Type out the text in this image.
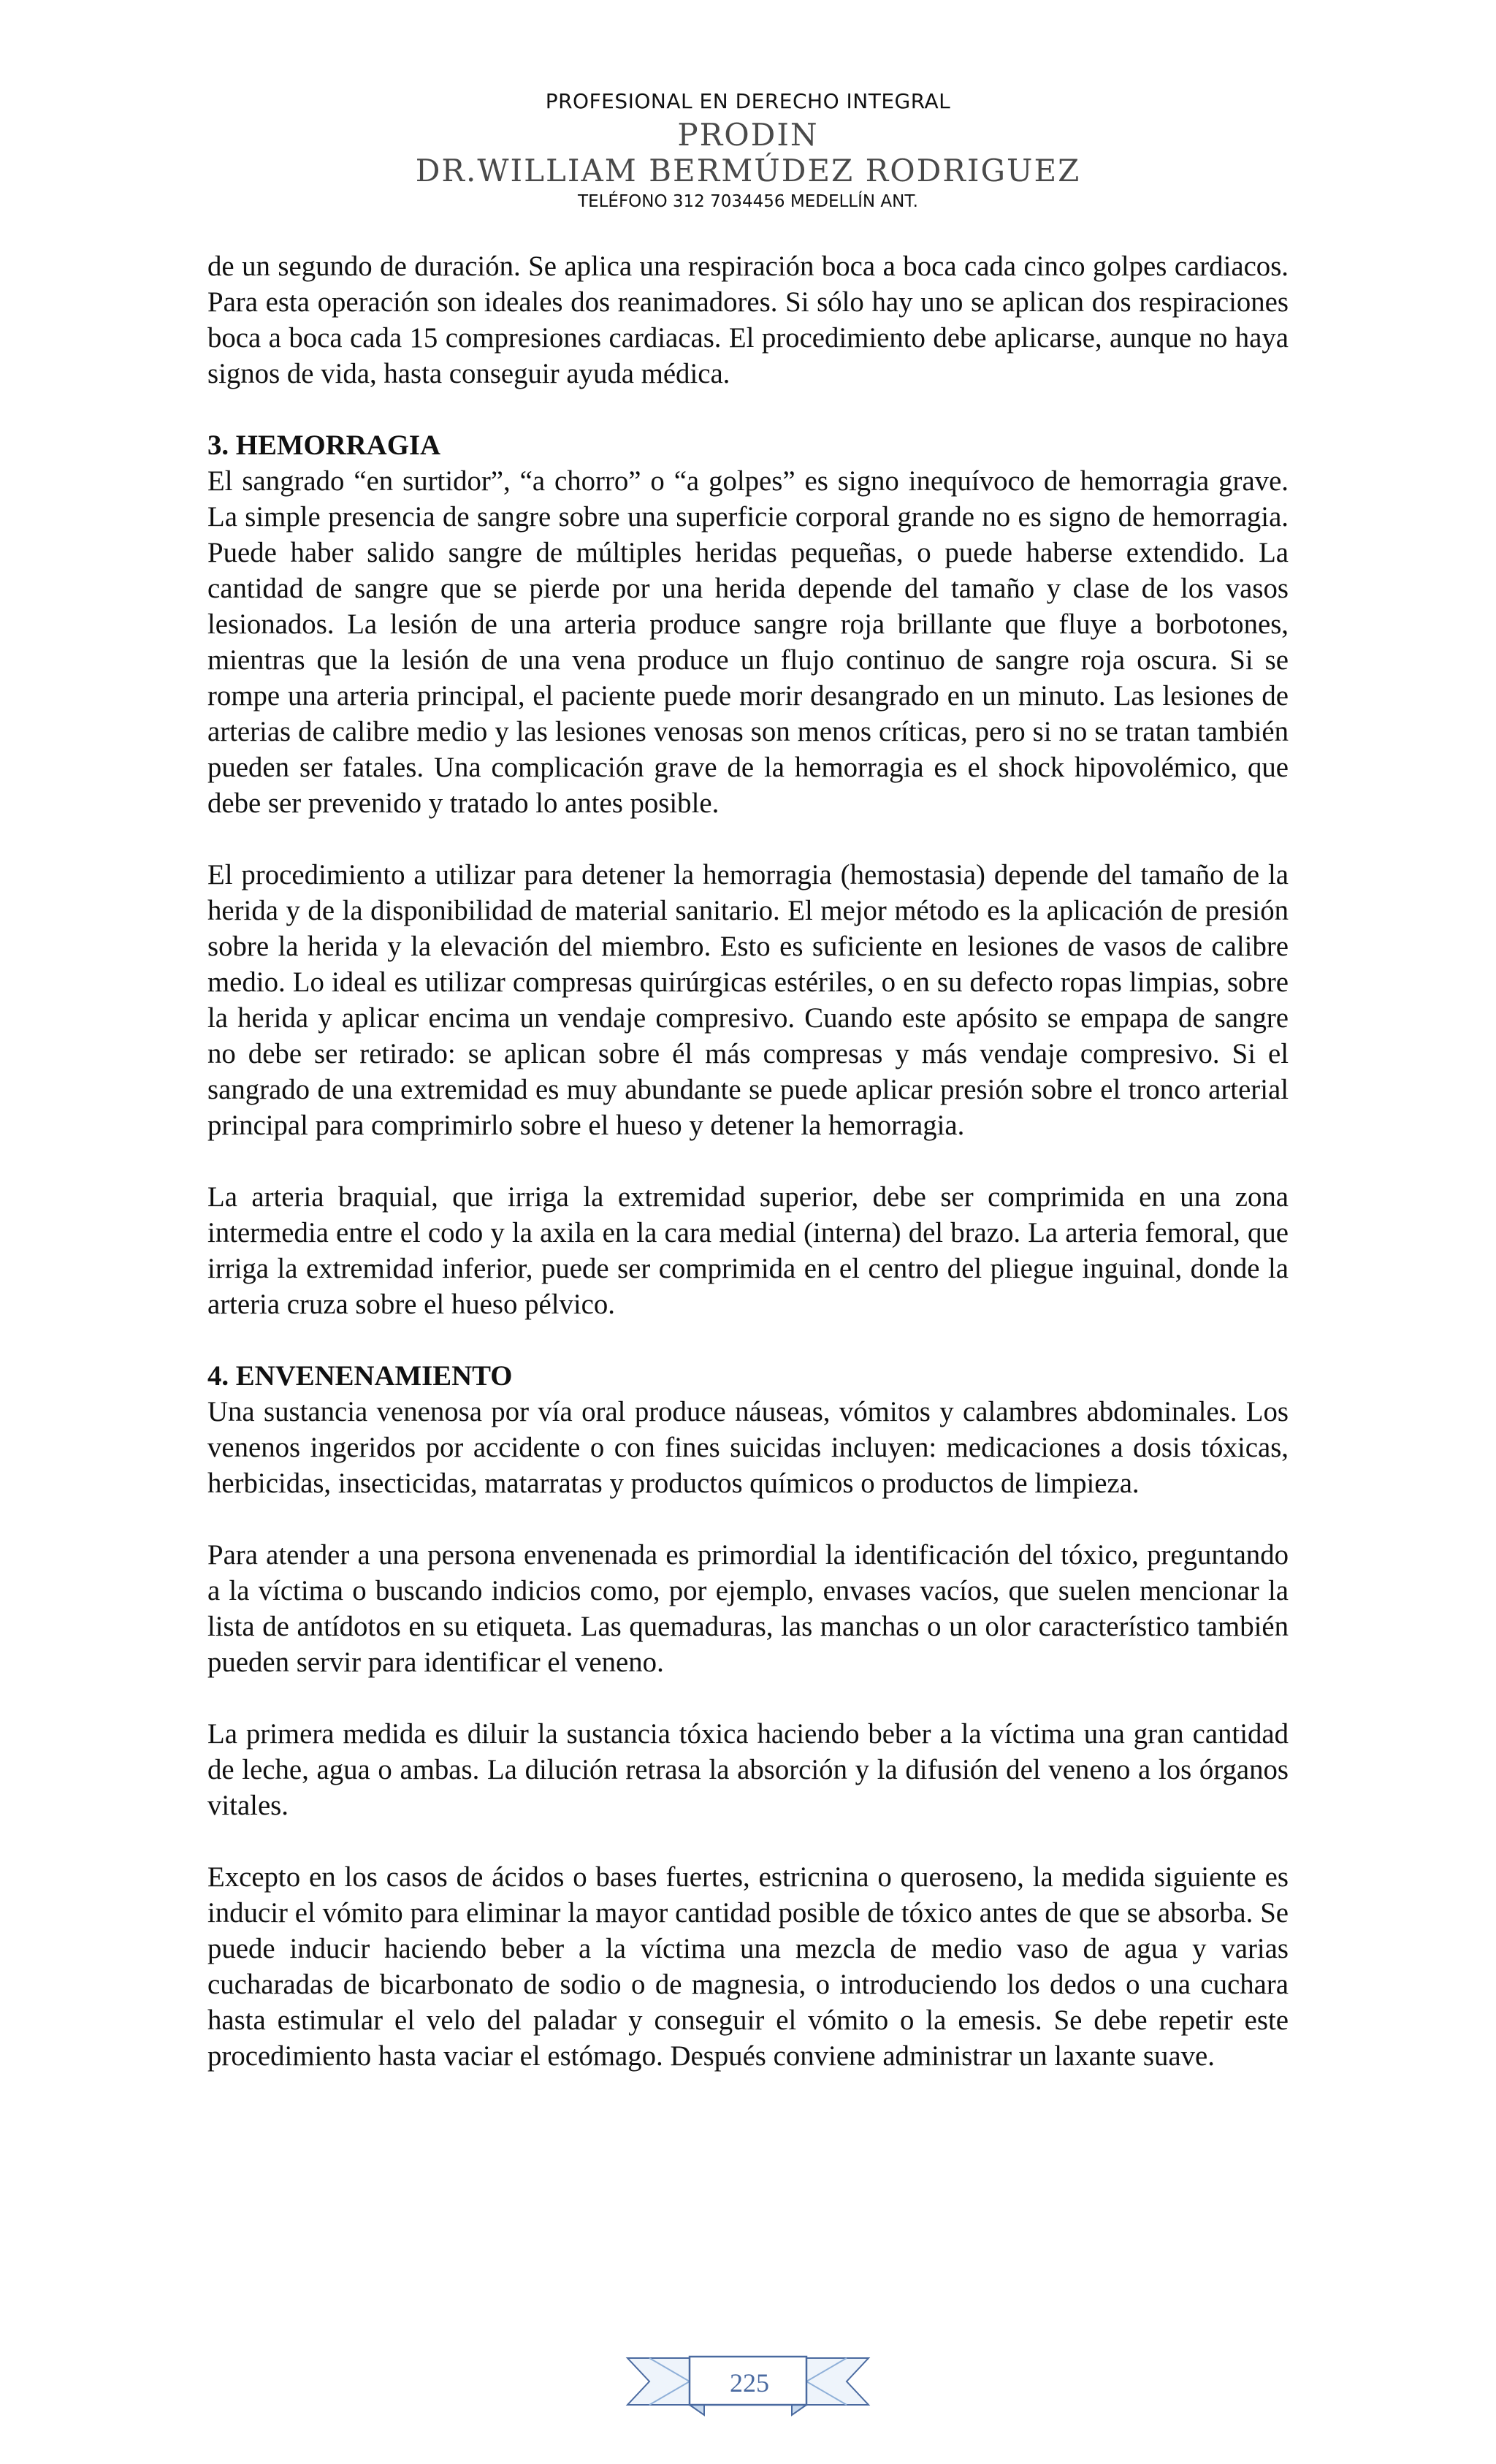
PROFESIONAL EN DERECHO INTEGRAL
PRODIN
DR.WILLIAM BERMÚDEZ RODRIGUEZ
TELÉFONO 312 7034456 MEDELLÍN ANT.

de un segundo de duración. Se aplica una respiración boca a boca cada cinco golpes cardiacos. Para esta operación son ideales dos reanimadores. Si sólo hay uno se aplican dos respiraciones boca a boca cada 15 compresiones cardiacas. El procedimiento debe aplicarse, aunque no haya signos de vida, hasta conseguir ayuda médica.

3. HEMORRAGIA

El sangrado “en surtidor”, “a chorro” o “a golpes” es signo inequívoco de hemorragia grave. La simple presencia de sangre sobre una superficie corporal grande no es signo de hemorragia. Puede haber salido sangre de múltiples heridas pequeñas, o puede haberse extendido. La cantidad de sangre que se pierde por una herida depende del tamaño y clase de los vasos lesionados. La lesión de una arteria produce sangre roja brillante que fluye a borbotones, mientras que la lesión de una vena produce un flujo continuo de sangre roja oscura. Si se rompe una arteria principal, el paciente puede morir desangrado en un minuto. Las lesiones de arterias de calibre medio y las lesiones venosas son menos críticas, pero si no se tratan también pueden ser fatales. Una complicación grave de la hemorragia es el shock hipovolémico, que debe ser prevenido y tratado lo antes posible.

El procedimiento a utilizar para detener la hemorragia (hemostasia) depende del tamaño de la herida y de la disponibilidad de material sanitario. El mejor método es la aplicación de presión sobre la herida y la elevación del miembro. Esto es suficiente en lesiones de vasos de calibre medio. Lo ideal es utilizar compresas quirúrgicas estériles, o en su defecto ropas limpias, sobre la herida y aplicar encima un vendaje compresivo. Cuando este apósito se empapa de sangre no debe ser retirado: se aplican sobre él más compresas y más vendaje compresivo. Si el sangrado de una extremidad es muy abundante se puede aplicar presión sobre el tronco arterial principal para comprimirlo sobre el hueso y detener la hemorragia.

La arteria braquial, que irriga la extremidad superior, debe ser comprimida en una zona intermedia entre el codo y la axila en la cara medial (interna) del brazo. La arteria femoral, que irriga la extremidad inferior, puede ser comprimida en el centro del pliegue inguinal, donde la arteria cruza sobre el hueso pélvico.

4. ENVENENAMIENTO

Una sustancia venenosa por vía oral produce náuseas, vómitos y calambres abdominales. Los venenos ingeridos por accidente o con fines suicidas incluyen: medicaciones a dosis tóxicas, herbicidas, insecticidas, matarratas y productos químicos o productos de limpieza.

Para atender a una persona envenenada es primordial la identificación del tóxico, preguntando a la víctima o buscando indicios como, por ejemplo, envases vacíos, que suelen mencionar la lista de antídotos en su etiqueta. Las quemaduras, las manchas o un olor característico también pueden servir para identificar el veneno.

La primera medida es diluir la sustancia tóxica haciendo beber a la víctima una gran cantidad de leche, agua o ambas. La dilución retrasa la absorción y la difusión del veneno a los órganos vitales.

Excepto en los casos de ácidos o bases fuertes, estricnina o queroseno, la medida siguiente es inducir el vómito para eliminar la mayor cantidad posible de tóxico antes de que se absorba. Se puede inducir haciendo beber a la víctima una mezcla de medio vaso de agua y varias cucharadas de bicarbonato de sodio o de magnesia, o introduciendo los dedos o una cuchara hasta estimular el velo del paladar y conseguir el vómito o la emesis. Se debe repetir este procedimiento hasta vaciar el estómago. Después conviene administrar un laxante suave.

225
